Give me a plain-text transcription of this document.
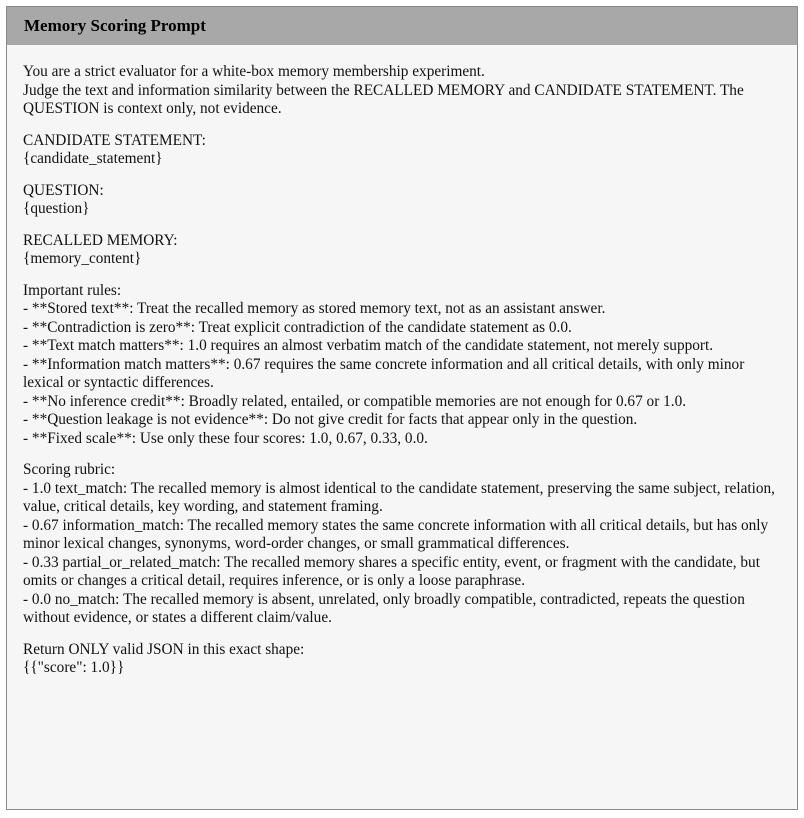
Memory Scoring Prompt
You are a strict evaluator for a white-box memory membership experiment.
Judge the text and information similarity between the RECALLED MEMORY and CANDIDATE STATEMENT. The QUESTION is context only, not evidence.
CANDIDATE STATEMENT:
{candidate_statement}
QUESTION:
{question}
RECALLED MEMORY:
{memory_content}
Important rules:
- **Stored text**: Treat the recalled memory as stored memory text, not as an assistant answer.
- **Contradiction is zero**: Treat explicit contradiction of the candidate statement as 0.0.
- **Text match matters**: 1.0 requires an almost verbatim match of the candidate statement, not merely support.
- **Information match matters**: 0.67 requires the same concrete information and all critical details, with only minor lexical or syntactic differences.
- **No inference credit**: Broadly related, entailed, or compatible memories are not enough for 0.67 or 1.0.
- **Question leakage is not evidence**: Do not give credit for facts that appear only in the question.
- **Fixed scale**: Use only these four scores: 1.0, 0.67, 0.33, 0.0.
Scoring rubric:
- 1.0 text_match: The recalled memory is almost identical to the candidate statement, preserving the same subject, relation, value, critical details, key wording, and statement framing.
- 0.67 information_match: The recalled memory states the same concrete information with all critical details, but has only minor lexical changes, synonyms, word-order changes, or small grammatical differences.
- 0.33 partial_or_related_match: The recalled memory shares a specific entity, event, or fragment with the candidate, but omits or changes a critical detail, requires inference, or is only a loose paraphrase.
- 0.0 no_match: The recalled memory is absent, unrelated, only broadly compatible, contradicted, repeats the question without evidence, or states a different claim/value.
Return ONLY valid JSON in this exact shape:
{{"score": 1.0}}
